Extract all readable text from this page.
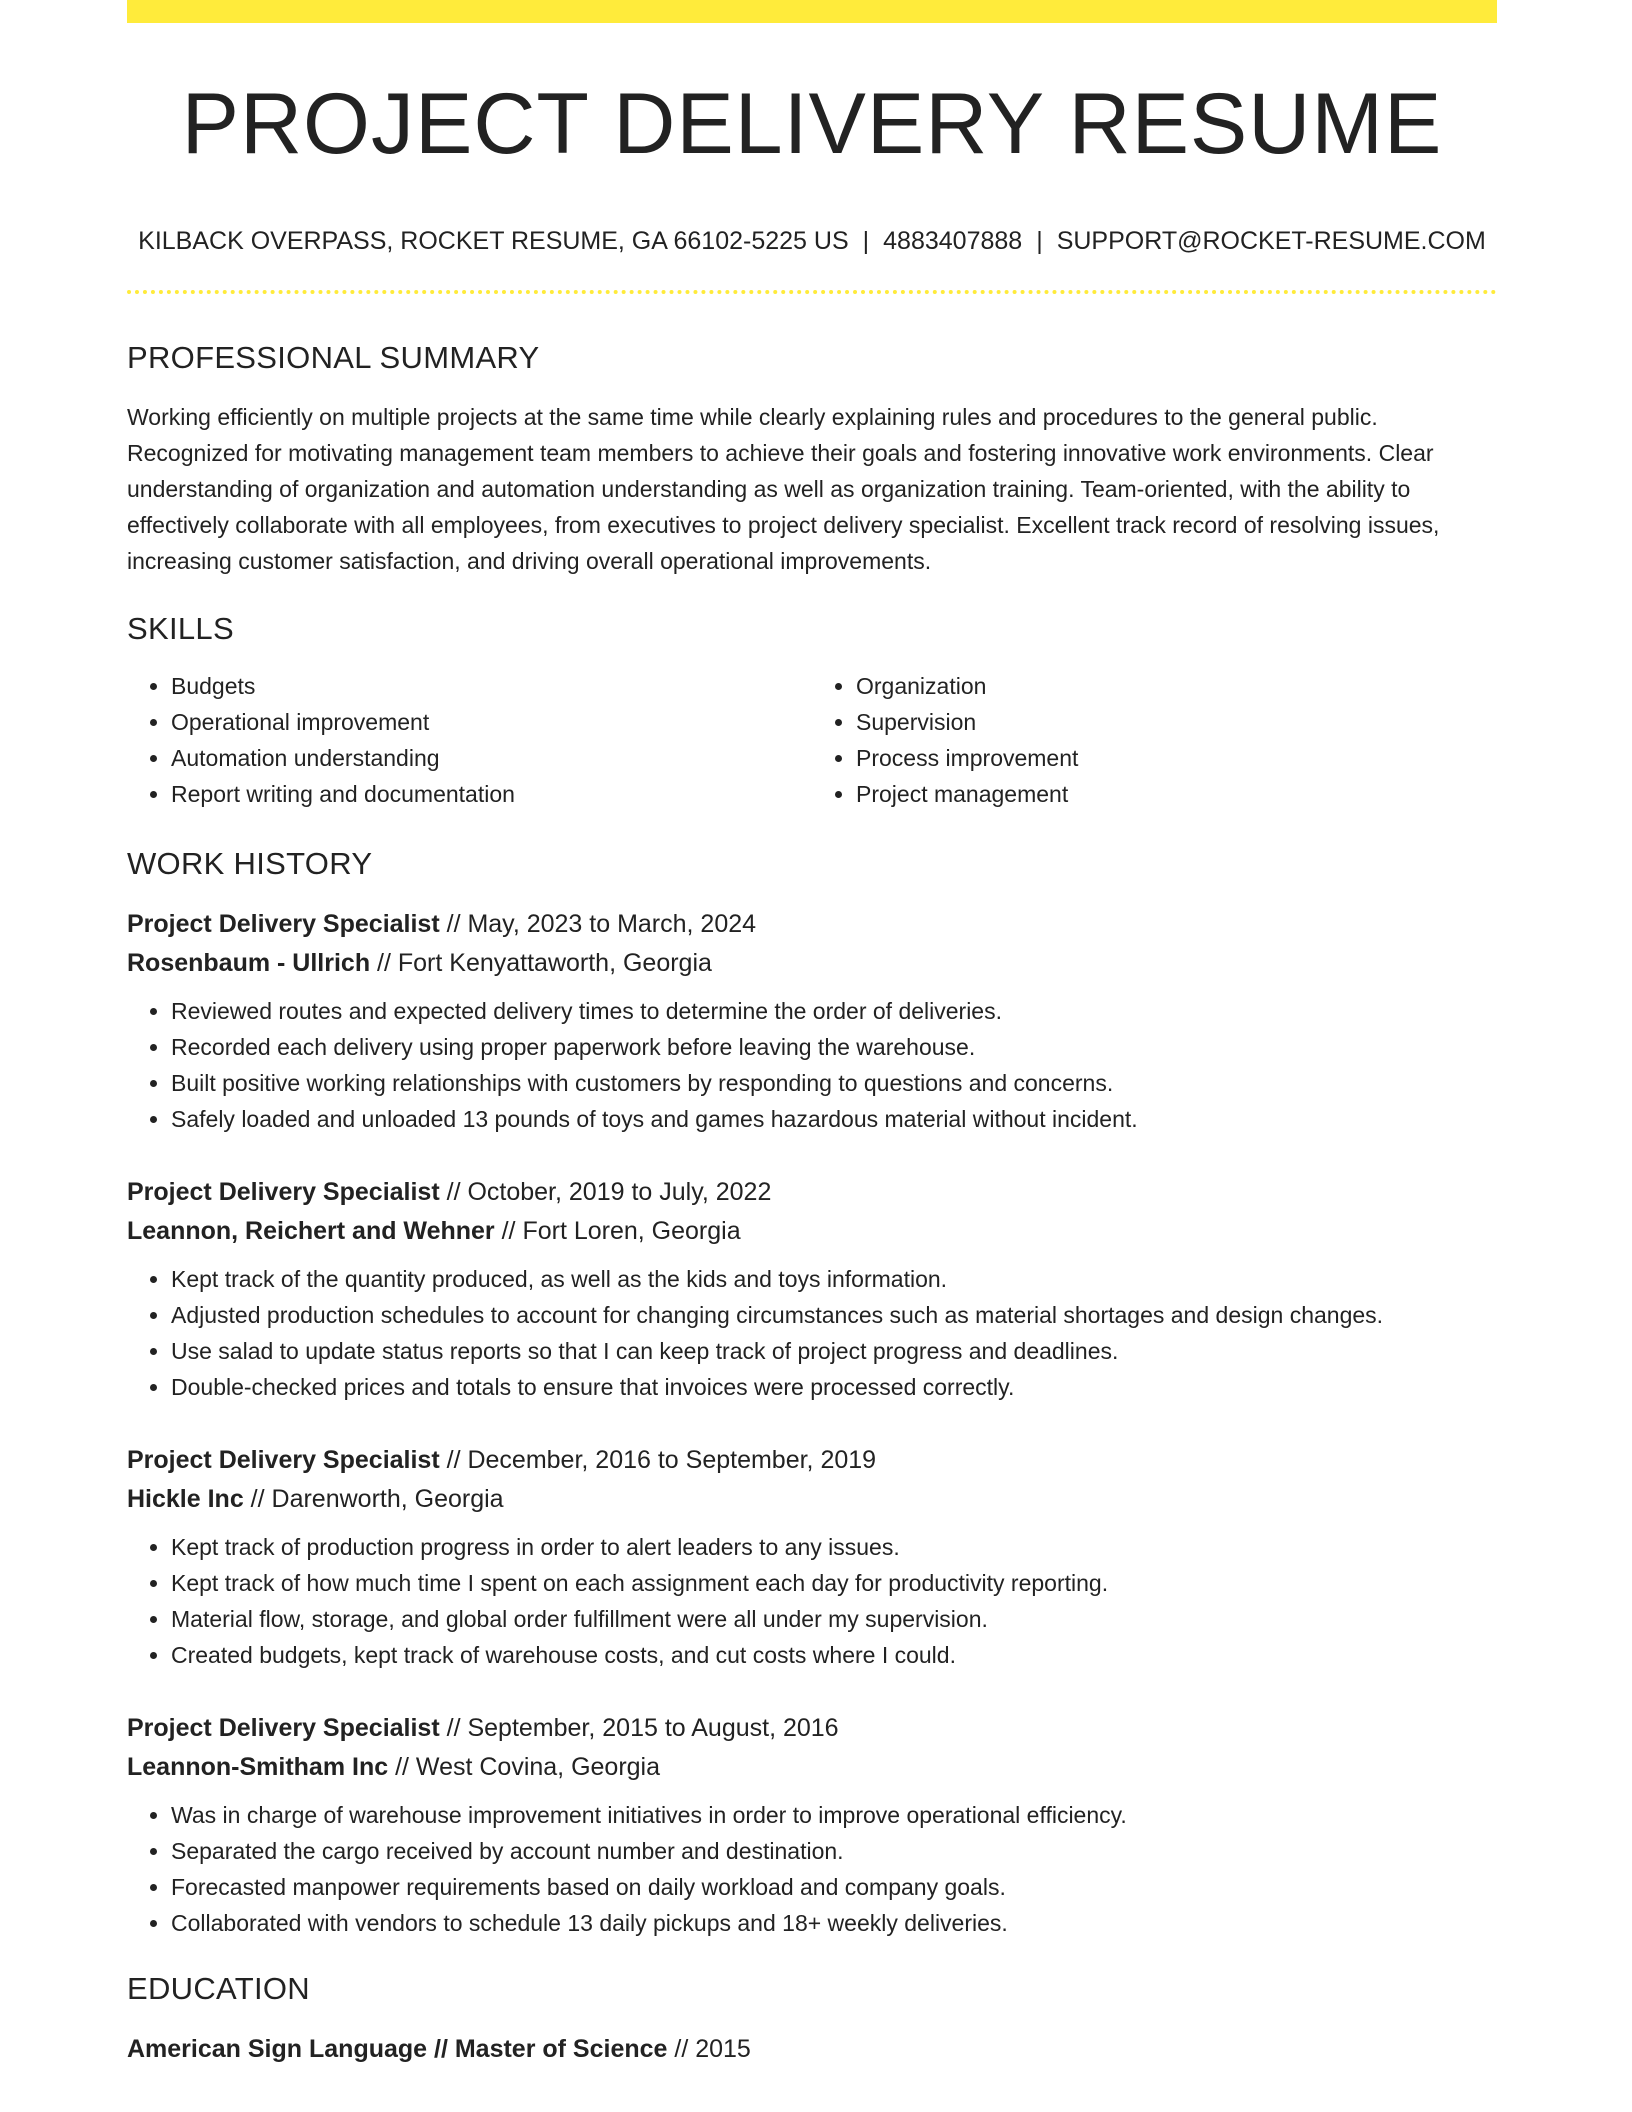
PROJECT DELIVERY RESUME
KILBACK OVERPASS, ROCKET RESUME, GA 66102-5225 US | 4883407888 | SUPPORT@ROCKET-RESUME.COM
PROFESSIONAL SUMMARY
Working efficiently on multiple projects at the same time while clearly explaining rules and procedures to the general public. Recognized for motivating management team members to achieve their goals and fostering innovative work environments. Clear understanding of organization and automation understanding as well as organization training. Team-oriented, with the ability to effectively collaborate with all employees, from executives to project delivery specialist. Excellent track record of resolving issues, increasing customer satisfaction, and driving overall operational improvements.
SKILLS
• Budgets
• Operational improvement
• Automation understanding
• Report writing and documentation
• Organization
• Supervision
• Process improvement
• Project management
WORK HISTORY
Project Delivery Specialist // May, 2023 to March, 2024
Rosenbaum - Ullrich // Fort Kenyattaworth, Georgia
• Reviewed routes and expected delivery times to determine the order of deliveries.
• Recorded each delivery using proper paperwork before leaving the warehouse.
• Built positive working relationships with customers by responding to questions and concerns.
• Safely loaded and unloaded 13 pounds of toys and games hazardous material without incident.
Project Delivery Specialist // October, 2019 to July, 2022
Leannon, Reichert and Wehner // Fort Loren, Georgia
• Kept track of the quantity produced, as well as the kids and toys information.
• Adjusted production schedules to account for changing circumstances such as material shortages and design changes.
• Use salad to update status reports so that I can keep track of project progress and deadlines.
• Double-checked prices and totals to ensure that invoices were processed correctly.
Project Delivery Specialist // December, 2016 to September, 2019
Hickle Inc // Darenworth, Georgia
• Kept track of production progress in order to alert leaders to any issues.
• Kept track of how much time I spent on each assignment each day for productivity reporting.
• Material flow, storage, and global order fulfillment were all under my supervision.
• Created budgets, kept track of warehouse costs, and cut costs where I could.
Project Delivery Specialist // September, 2015 to August, 2016
Leannon-Smitham Inc // West Covina, Georgia
• Was in charge of warehouse improvement initiatives in order to improve operational efficiency.
• Separated the cargo received by account number and destination.
• Forecasted manpower requirements based on daily workload and company goals.
• Collaborated with vendors to schedule 13 daily pickups and 18+ weekly deliveries.
EDUCATION
American Sign Language // Master of Science // 2015
